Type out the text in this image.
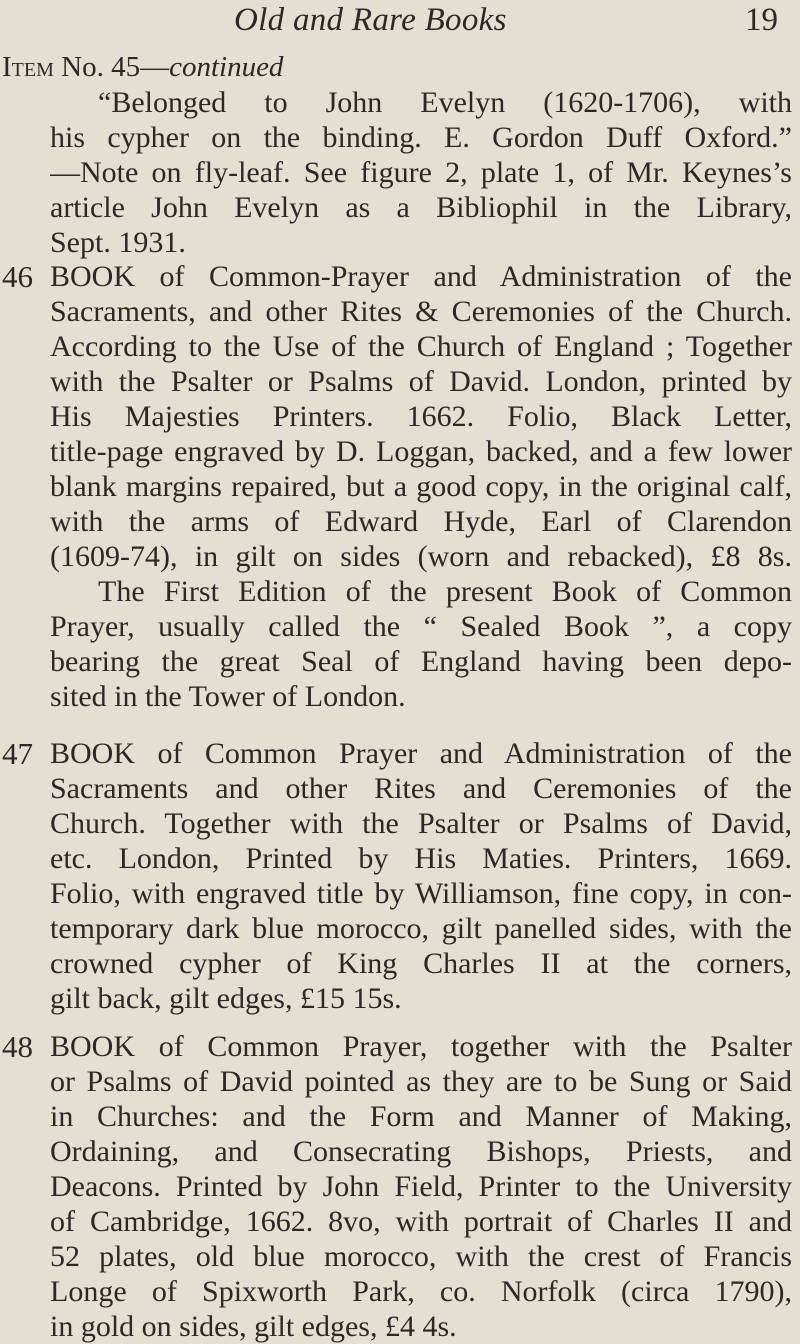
Old and Rare Books	19
Item No. 45—continued
“Belonged to John Evelyn (1620-1706), with
his cypher on the binding. E. Gordon Duff Oxford.”
—Note on fly-leaf. See figure 2, plate 1, of Mr. Keynes’s
article John Evelyn as a Bibliophil in the Library,
Sept. 1931.
46 BOOK of Common-Prayer and Administration of the
Sacraments, and other Rites & Ceremonies of the Church.
According to the Use of the Church of England ; Together
with the Psalter or Psalms of David. London, printed by
His Majesties Printers. 1662. Folio, Black Letter,
title-page engraved by D. Loggan, backed, and a few lower
blank margins repaired, but a good copy, in the original calf,
with the arms of Edward Hyde, Earl of Clarendon
(1609-74), in gilt on sides (worn and rebacked), £8 8s.
The First Edition of the present Book of Common
Prayer, usually called the “ Sealed Book ”, a copy
bearing the great Seal of England having been depo-
sited in the Tower of London.
47 BOOK of Common Prayer and Administration of the
Sacraments and other Rites and Ceremonies of the
Church. Together with the Psalter or Psalms of David,
etc. London, Printed by His Maties. Printers, 1669.
Folio, with engraved title by Williamson, fine copy, in con-
temporary dark blue morocco, gilt panelled sides, with the
crowned cypher of King Charles II at the corners,
gilt back, gilt edges, £15 15s.
48 BOOK of Common Prayer, together with the Psalter
or Psalms of David pointed as they are to be Sung or Said
in Churches: and the Form and Manner of Making,
Ordaining, and Consecrating Bishops, Priests, and
Deacons. Printed by John Field, Printer to the University
of Cambridge, 1662. 8vo, with portrait of Charles II and
52 plates, old blue morocco, with the crest of Francis
Longe of Spixworth Park, co. Norfolk (circa 1790),
in gold on sides, gilt edges, £4 4s.
